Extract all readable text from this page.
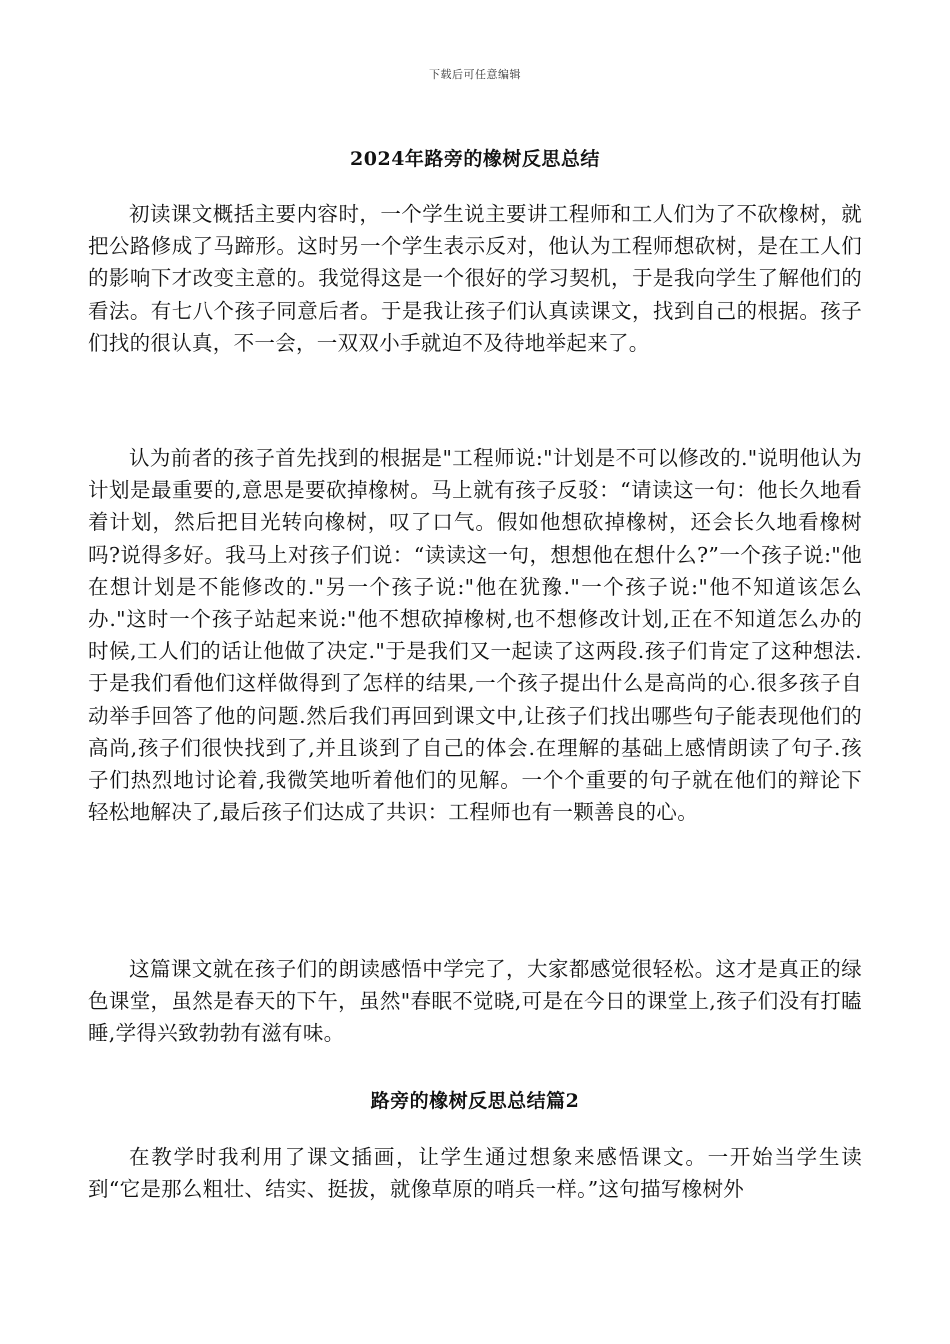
下载后可任意编辑
2024年路旁的橡树反思总结

初读课文概括主要内容时，一个学生说主要讲工程师和工人们为了不砍橡树，就把公路修成了马蹄形。这时另一个学生表示反对，他认为工程师想砍树，是在工人们的影响下才改变主意的。我觉得这是一个很好的学习契机，于是我向学生了解他们的看法。有七八个孩子同意后者。于是我让孩子们认真读课文，找到自己的根据。孩子们找的很认真，不一会，一双双小手就迫不及待地举起来了。

认为前者的孩子首先找到的根据是"工程师说:"计划是不可以修改的."说明他认为计划是最重要的,意思是要砍掉橡树。马上就有孩子反驳：“请读这一句：他长久地看着计划，然后把目光转向橡树，叹了口气。假如他想砍掉橡树，还会长久地看橡树吗?说得多好。我马上对孩子们说：“读读这一句，想想他在想什么?”一个孩子说:"他在想计划是不能修改的."另一个孩子说:"他在犹豫."一个孩子说:"他不知道该怎么办."这时一个孩子站起来说:"他不想砍掉橡树,也不想修改计划,正在不知道怎么办的时候,工人们的话让他做了决定."于是我们又一起读了这两段.孩子们肯定了这种想法.于是我们看他们这样做得到了怎样的结果,一个孩子提出什么是高尚的心.很多孩子自动举手回答了他的问题.然后我们再回到课文中,让孩子们找出哪些句子能表现他们的高尚,孩子们很快找到了,并且谈到了自己的体会.在理解的基础上感情朗读了句子.孩子们热烈地讨论着,我微笑地听着他们的见解。一个个重要的句子就在他们的辩论下轻松地解决了,最后孩子们达成了共识：工程师也有一颗善良的心。

这篇课文就在孩子们的朗读感悟中学完了，大家都感觉很轻松。这才是真正的绿色课堂，虽然是春天的下午，虽然"春眠不觉晓,可是在今日的课堂上,孩子们没有打瞌睡,学得兴致勃勃有滋有味。

路旁的橡树反思总结篇2

在教学时我利用了课文插画，让学生通过想象来感悟课文。一开始当学生读到“它是那么粗壮、结实、挺拔，就像草原的哨兵一样。”这句描写橡树外
